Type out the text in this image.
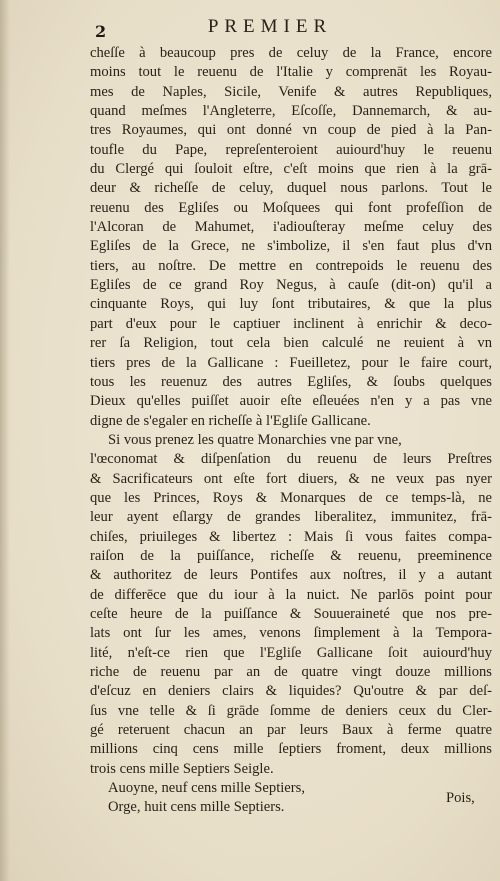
2	PREMIER
cheſſe à beaucoup pres de celuy de la France, encore
moins tout le reuenu de l'Italie y comprenāt les Royau-
mes de Naples, Sicile, Venife & autres Republiques,
quand meſmes l'Angleterre, Eſcoſſe, Dannemarch, & au-
tres Royaumes, qui ont donné vn coup de pied à la Pan-
toufle du Pape, repreſenteroient auiourd'huy le reuenu
du Clergé qui ſouloit eſtre, c'eſt moins que rien à la grā-
deur & richeſſe de celuy, duquel nous parlons. Tout le
reuenu des Egliſes ou Moſquees qui font profeſſion de
l'Alcoran de Mahumet, i'adiouſteray meſme celuy des
Egliſes de la Grece, ne s'imbolize, il s'en faut plus d'vn
tiers, au noſtre. De mettre en contrepoids le reuenu des
Egliſes de ce grand Roy Negus, à cauſe (dit-on) qu'il a
cinquante Roys, qui luy ſont tributaires, & que la plus
part d'eux pour le captiuer inclinent à enrichir & deco-
rer ſa Religion, tout cela bien calculé ne reuient à vn
tiers pres de la Gallicane : Fueilletez, pour le faire court,
tous les reuenuz des autres Egliſes, & ſoubs quelques
Dieux qu'elles puiſſet auoir eſte eſleuées n'en y a pas vne
digne de s'egaler en richeſſe à l'Egliſe Gallicane.
Si vous prenez les quatre Monarchies vne par vne,
l'œconomat & diſpenſation du reuenu de leurs Preſtres
& Sacrificateurs ont eſte fort diuers, & ne veux pas nyer
que les Princes, Roys & Monarques de ce temps-là, ne
leur ayent eſlargy de grandes liberalitez, immunitez, frā-
chiſes, priuileges & libertez : Mais ſi vous faites compa-
raiſon de la puiſſance, richeſſe & reuenu, preeminence
& authoritez de leurs Pontifes aux noſtres, il y a autant
de differēce que du iour à la nuict. Ne parlōs point pour
ceſte heure de la puiſſance & Souueraineté que nos pre-
lats ont ſur les ames, venons ſimplement à la Tempora-
lité, n'eſt-ce rien que l'Egliſe Gallicane ſoit auiourd'huy
riche de reuenu par an de quatre vingt douze millions
d'eſcuz en deniers clairs & liquides? Qu'outre & par deſ-
ſus vne telle & ſi grāde ſomme de deniers ceux du Cler-
gé reteruent chacun an par leurs Baux à ferme quatre
millions cinq cens mille ſeptiers froment, deux millions
trois cens mille Septiers Seigle.
Auoyne, neuf cens mille Septiers,
Orge, huit cens mille Septiers.
Pois,
